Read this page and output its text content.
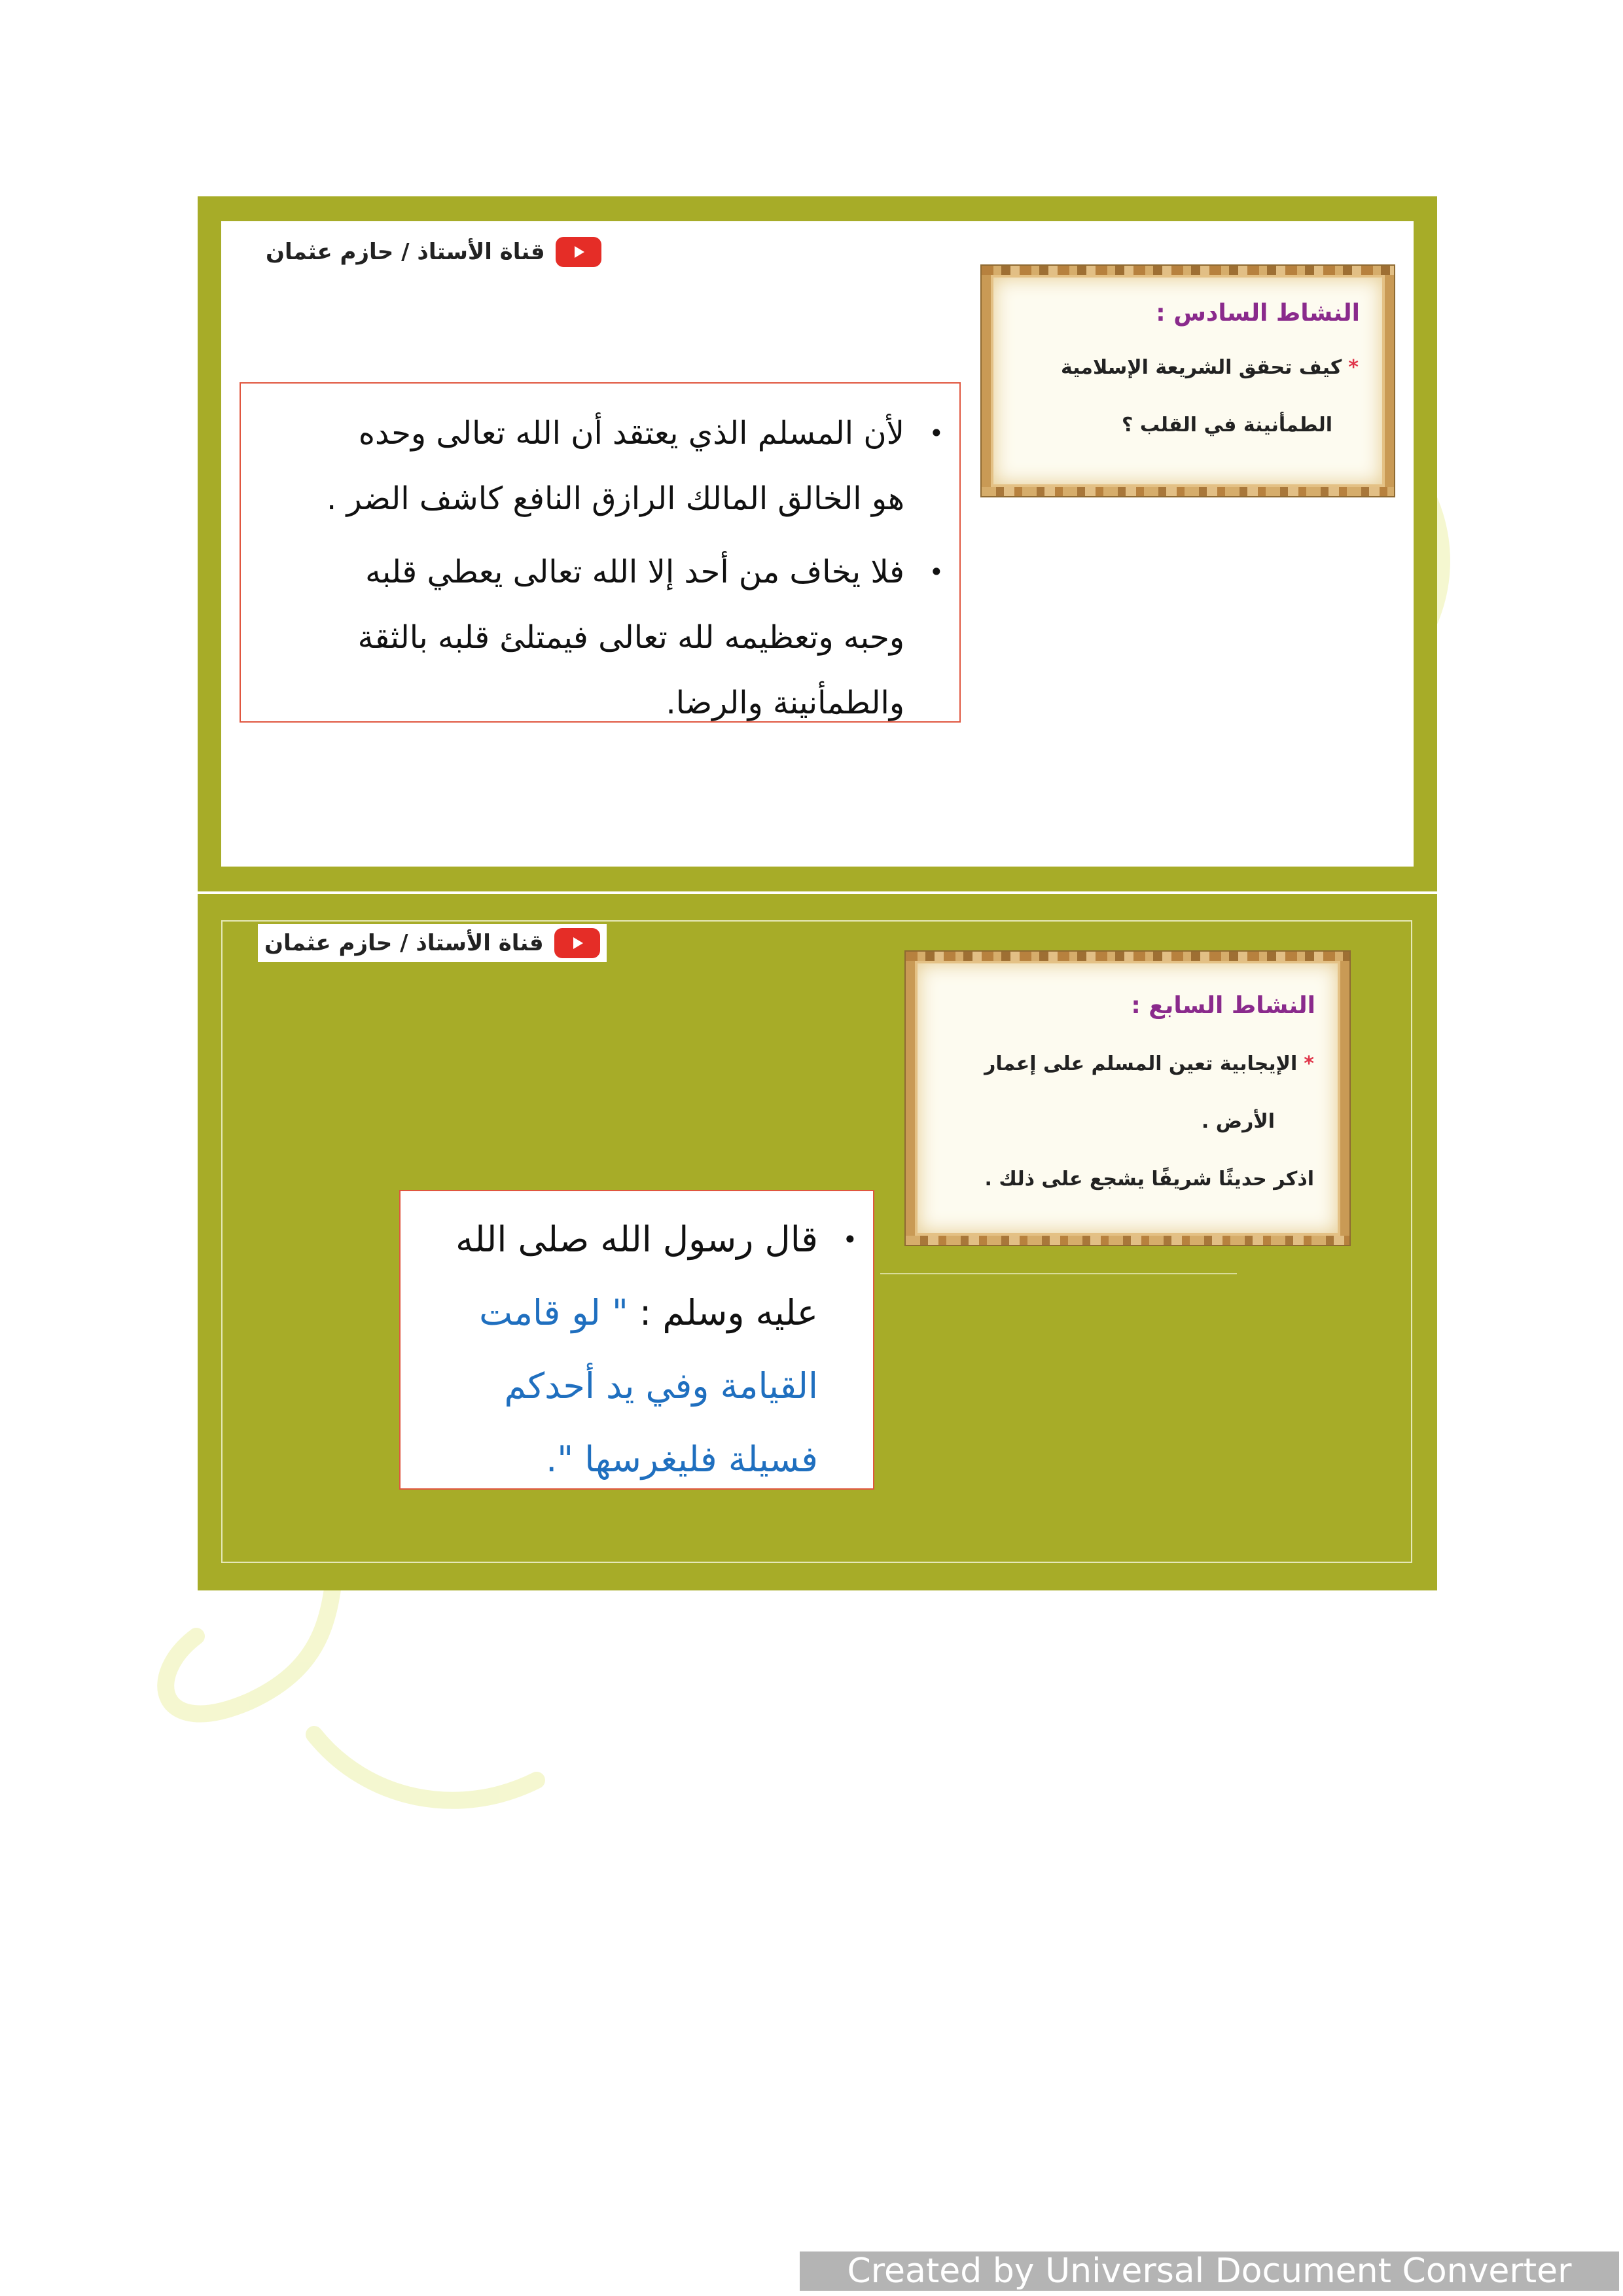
قناة الأستاذ / حازم عثمان
النشاط السادس :
*كيف تحقق الشريعة الإسلامية
الطمأنينة في القلب ؟
•
لأن المسلم الذي يعتقد أن الله تعالى وحده
هو الخالق المالك الرازق النافع كاشف الضر .
•
فلا يخاف من أحد إلا الله تعالى يعطي قلبه
وحبه وتعظيمه لله تعالى فيمتلئ قلبه بالثقة
والطمأنينة والرضا.
قناة الأستاذ / حازم عثمان
النشاط السابع :
*الإيجابية تعين المسلم على إعمار
الأرض .
اذكر حديثًا شريفًا يشجع على ذلك .
•
قال رسول الله صلى الله
عليه وسلم : " لو قامت
القيامة وفي يد أحدكم
فسيلة فليغرسها ".
Created by Universal Document Converter
